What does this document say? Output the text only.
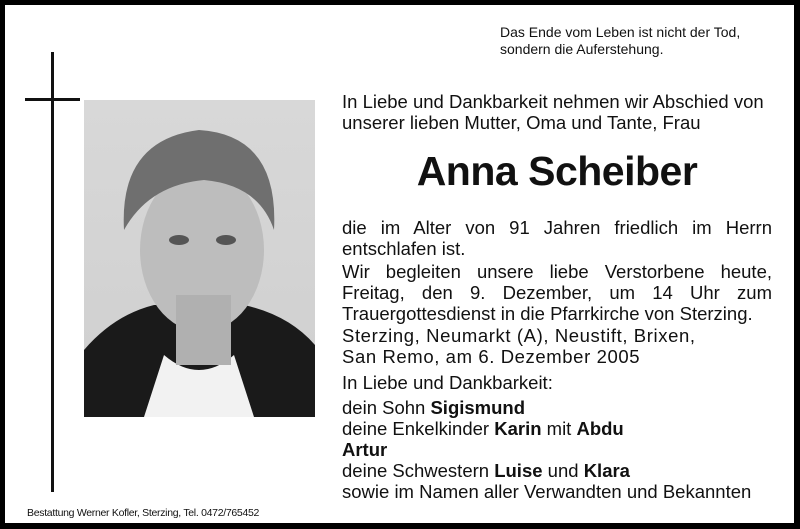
Das Ende vom Leben ist nicht der Tod,
sondern die Auferstehung.
In Liebe und Dankbarkeit nehmen wir Abschied von
unserer lieben Mutter, Oma und Tante, Frau
Anna Scheiber
die im Alter von 91 Jahren friedlich im Herrn entschlafen ist.
Wir begleiten unsere liebe Verstorbene heute, Freitag, den 9. Dezember, um 14 Uhr zum Trauergottesdienst in die Pfarrkirche von Sterzing.
Sterzing, Neumarkt (A), Neustift, Brixen,
San Remo, am 6. Dezember 2005
In Liebe und Dankbarkeit:
dein Sohn Sigismund
deine Enkelkinder Karin mit Abdu
Artur
deine Schwestern Luise und Klara
sowie im Namen aller Verwandten und Bekannten
Bestattung Werner Kofler, Sterzing, Tel. 0472/765452
